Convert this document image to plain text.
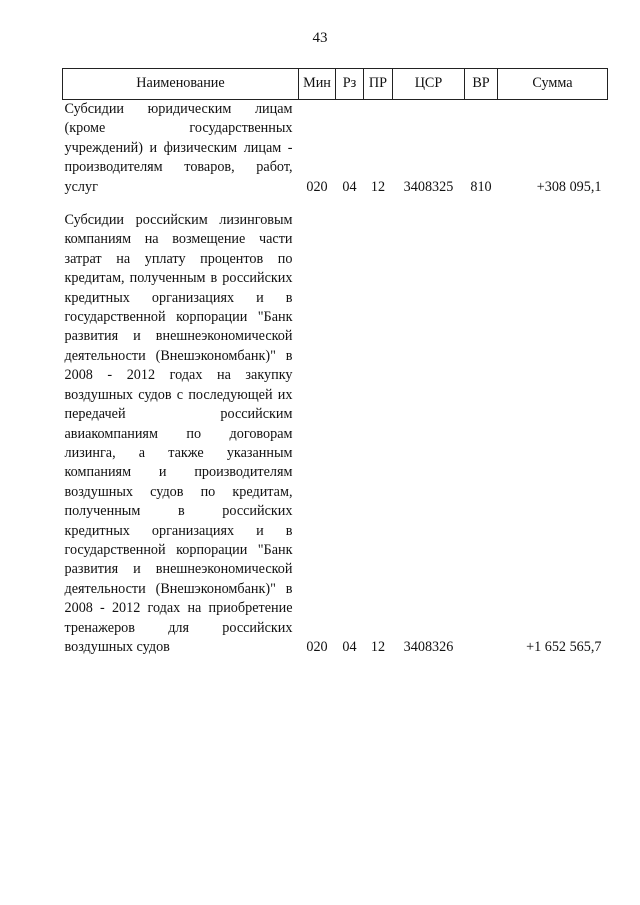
43
Наименование	Мин	Рз	ПР	ЦСР	ВР	Сумма
Субсидии юридическим лицам (кроме государственных учреждений) и физическим лицам - производителям товаров, работ, услуг	020	04	12	3408325	810	+308 095,1

Субсидии российским лизинговым компаниям на возмещение части затрат на уплату процентов по кредитам, полученным в российских кредитных организациях и в государственной корпорации "Банк развития и внешнеэкономической деятельности (Внешэкономбанк)" в 2008 - 2012 годах на закупку воздушных судов с последующей их передачей российским авиакомпаниям по договорам лизинга, а также указанным компаниям и производителям воздушных судов по кредитам, полученным в российских кредитных организациях и в государственной корпорации "Банк развития и внешнеэкономической деятельности (Внешэкономбанк)" в 2008 - 2012 годах на приобретение тренажеров для российских воздушных судов	020	04	12	3408326		+1 652 565,7
